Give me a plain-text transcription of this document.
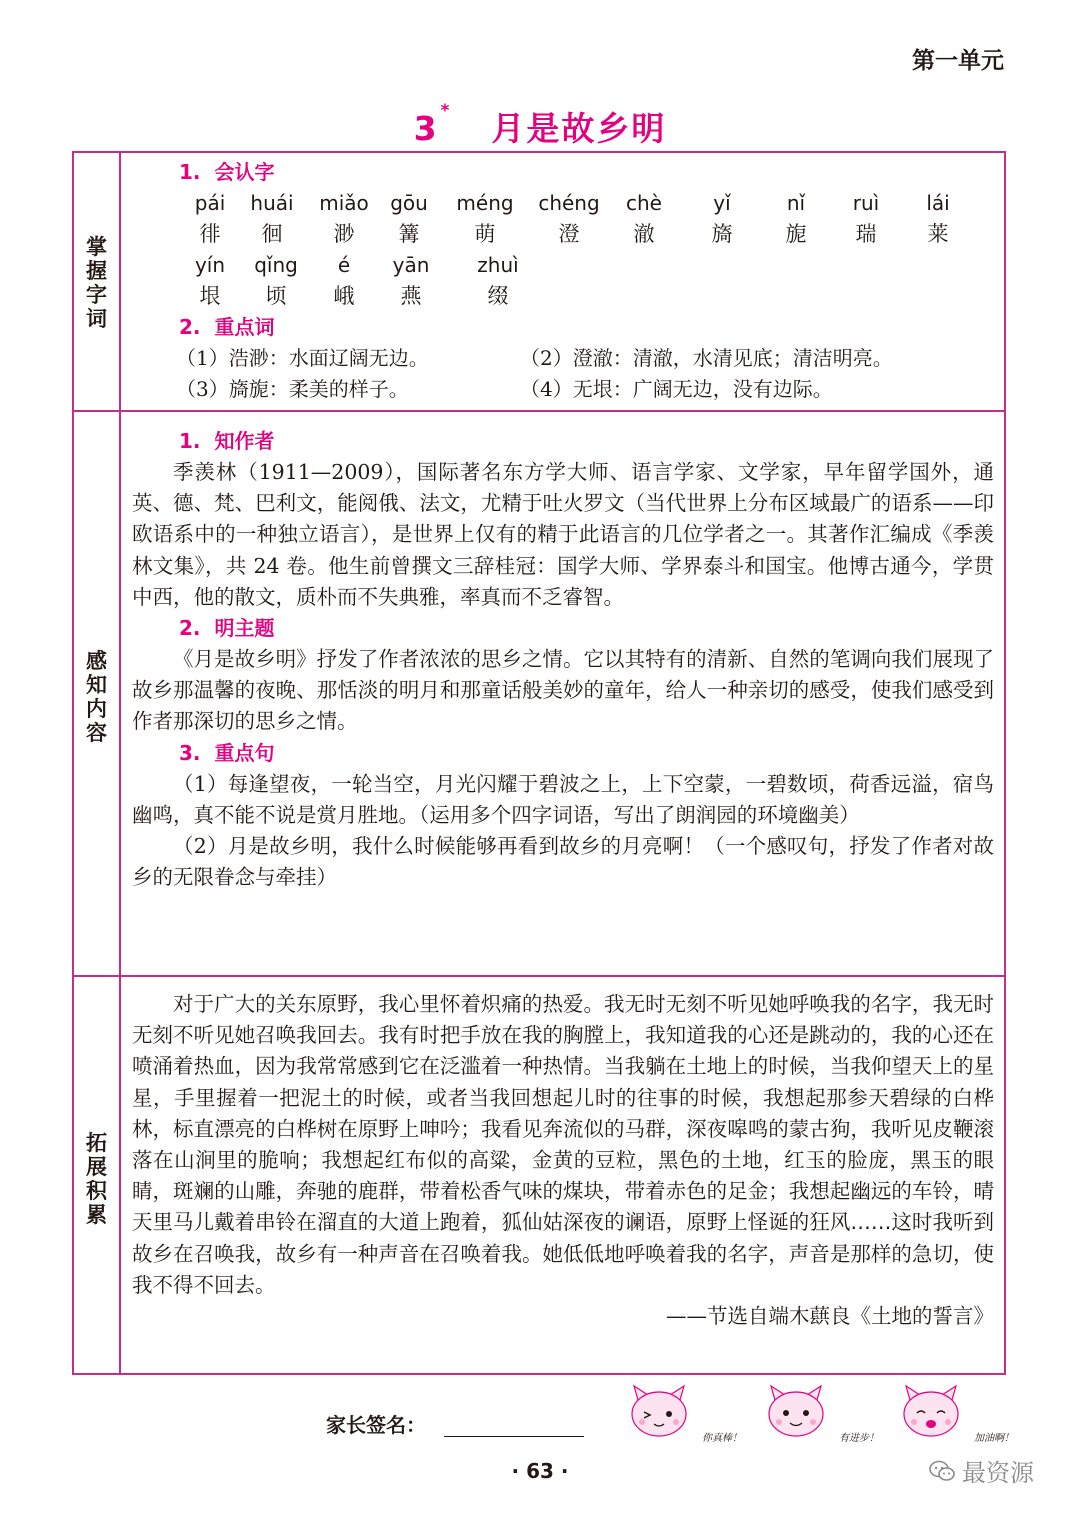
第一单元
3 * 月是故乡明
掌
握
字
词
感
知
内
容
拓
展
积
累
1. 会认字
pái huái miǎo gōu méng chéng chè	yǐ	nǐ ruì lái
徘 徊 渺 篝	萌	澄	澈	旖	旎 瑞 莱
yín qǐng é yān zhuì
垠 顷 峨 燕	缀
2. 重点词
（1）浩渺：水面辽阔无边。	（2）澄澈：清澈，水清见底；清洁明亮。
（3）旖旎：柔美的样子。	（4）无垠：广阔无边，没有边际。
1. 知作者

季羡林（1911—2009），国际著名东方学大师、语言学家、文学家，早年留学国外，通英、德、梵、巴利文，能阅俄、法文，尤精于吐火罗文（当代世界上分布区域最广的语系——印欧语系中的一种独立语言），是世界上仅有的精于此语言的几位学者之一。其著作汇编成《季羡林文集》，共 24 卷。他生前曾撰文三辞桂冠：国学大师、学界泰斗和国宝。他博古通今，学贯中西，他的散文，质朴而不失典雅，率真而不乏睿智。

2. 明主题

《月是故乡明》抒发了作者浓浓的思乡之情。它以其特有的清新、自然的笔调向我们展现了故乡那温馨的夜晚、那恬淡的明月和那童话般美妙的童年，给人一种亲切的感受，使我们感受到作者那深切的思乡之情。

3. 重点句

（1）每逢望夜，一轮当空，月光闪耀于碧波之上，上下空蒙，一碧数顷，荷香远溢，宿鸟幽鸣，真不能不说是赏月胜地。（运用多个四字词语，写出了朗润园的环境幽美）

（2）月是故乡明，我什么时候能够再看到故乡的月亮啊！（一个感叹句，抒发了作者对故乡的无限眷念与牵挂）

对于广大的关东原野，我心里怀着炽痛的热爱。我无时无刻不听见她呼唤我的名字，我无时无刻不听见她召唤我回去。我有时把手放在我的胸膛上，我知道我的心还是跳动的，我的心还在喷涌着热血，因为我常常感到它在泛滥着一种热情。当我躺在土地上的时候，当我仰望天上的星星，手里握着一把泥土的时候，或者当我回想起儿时的往事的时候，我想起那参天碧绿的白桦林，标直漂亮的白桦树在原野上呻吟；我看见奔流似的马群，深夜嗥鸣的蒙古狗，我听见皮鞭滚落在山涧里的脆响；我想起红布似的高粱，金黄的豆粒，黑色的土地，红玉的脸庞，黑玉的眼睛，斑斓的山雕，奔驰的鹿群，带着松香气味的煤块，带着赤色的足金；我想起幽远的车铃，晴天里马儿戴着串铃在溜直的大道上跑着，狐仙姑深夜的谰语，原野上怪诞的狂风……这时我听到故乡在召唤我，故乡有一种声音在召唤着我。她低低地呼唤着我的名字，声音是那样的急切，使我不得不回去。

——节选自端木蕻良《土地的誓言》

家长签名：
你真棒！	有进步！	加油啊！
· 63 ·	最资源
